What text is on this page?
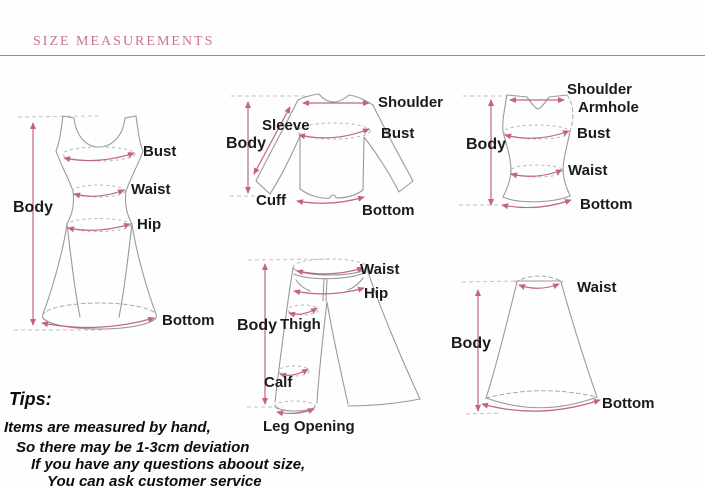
SIZE MEASUREMENTS
Bust
Waist
Hip
Body
Bottom
Shoulder
Sleeve
Body
Bust
Cuff
Bottom
Shoulder
Armhole
Bust
Body
Waist
Bottom
Waist
Hip
Thigh
Body
Calf
Leg Opening
Waist
Body
Bottom
Tips:
Items are measured by hand,
So there may be 1-3cm deviation
If you have any questions aboout size,
You can ask customer service
